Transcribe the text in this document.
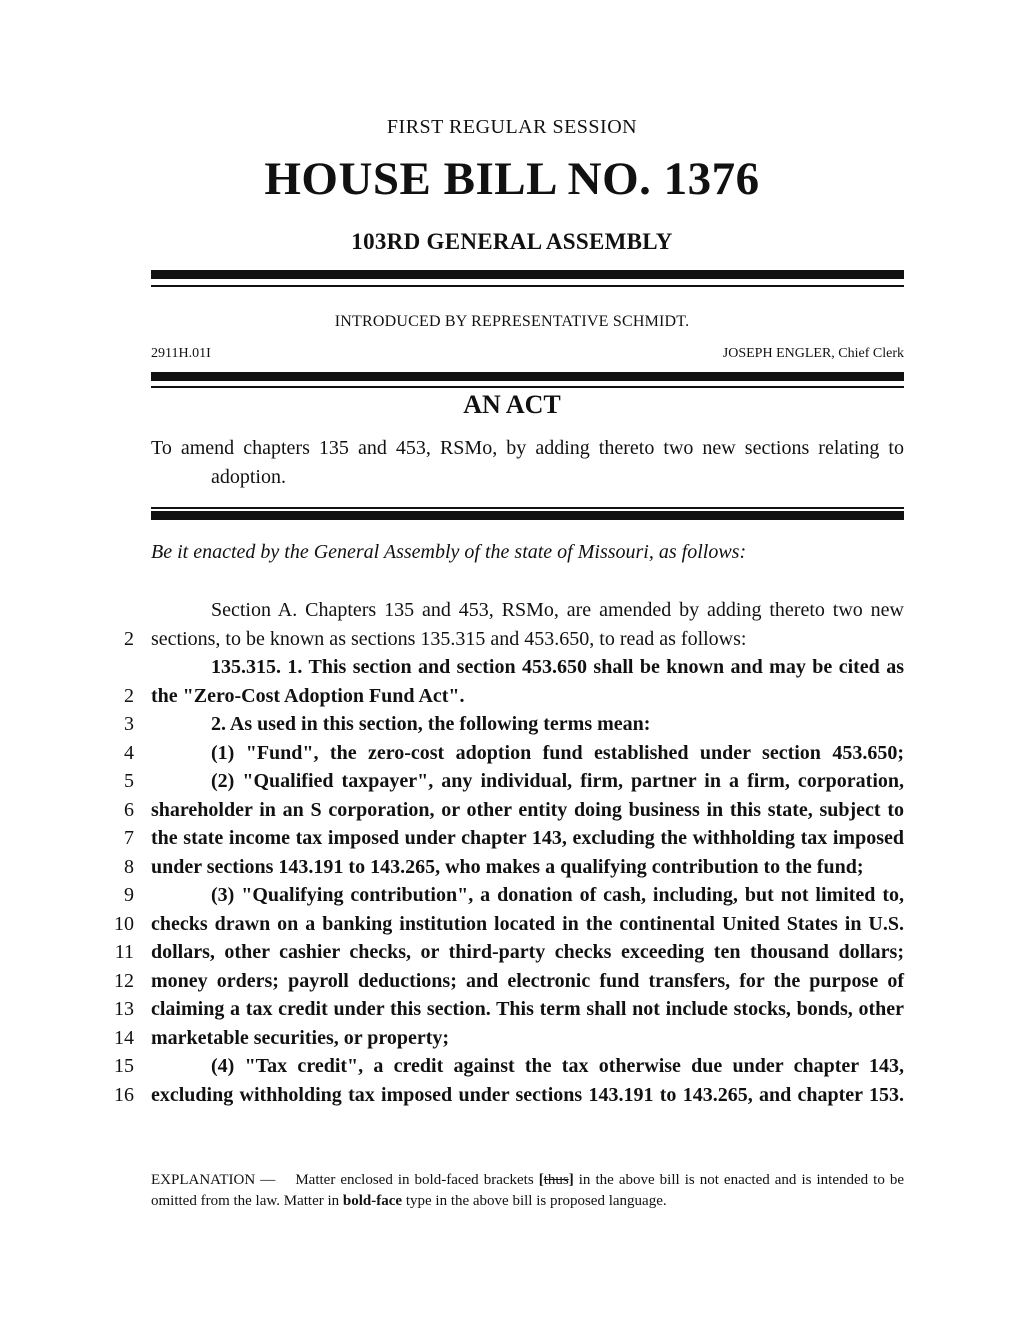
FIRST REGULAR SESSION
HOUSE BILL NO. 1376
103RD GENERAL ASSEMBLY
INTRODUCED BY REPRESENTATIVE SCHMIDT.
2911H.01I	JOSEPH ENGLER, Chief Clerk
AN ACT
To amend chapters 135 and 453, RSMo, by adding thereto two new sections relating to
adoption.
Be it enacted by the General Assembly of the state of Missouri, as follows:
Section A. Chapters 135 and 453, RSMo, are amended by adding thereto two new
2 sections, to be known as sections 135.315 and 453.650, to read as follows:
135.315. 1. This section and section 453.650 shall be known and may be cited as
2 the "Zero-Cost Adoption Fund Act".
3	2. As used in this section, the following terms mean:
4	(1) "Fund", the zero-cost adoption fund established under section 453.650;
5	(2) "Qualified taxpayer", any individual, firm, partner in a firm, corporation,
6 shareholder in an S corporation, or other entity doing business in this state, subject to
7 the state income tax imposed under chapter 143, excluding the withholding tax imposed
8 under sections 143.191 to 143.265, who makes a qualifying contribution to the fund;
9	(3) "Qualifying contribution", a donation of cash, including, but not limited to,
10 checks drawn on a banking institution located in the continental United States in U.S.
11 dollars, other cashier checks, or third-party checks exceeding ten thousand dollars;
12 money orders; payroll deductions; and electronic fund transfers, for the purpose of
13 claiming a tax credit under this section. This term shall not include stocks, bonds, other
14 marketable securities, or property;
15	(4) "Tax credit", a credit against the tax otherwise due under chapter 143,
16 excluding withholding tax imposed under sections 143.191 to 143.265, and chapter 153.
EXPLANATION — Matter enclosed in bold-faced brackets [thus] in the above bill is not enacted and is intended to be omitted from the law. Matter in bold-face type in the above bill is proposed language.
